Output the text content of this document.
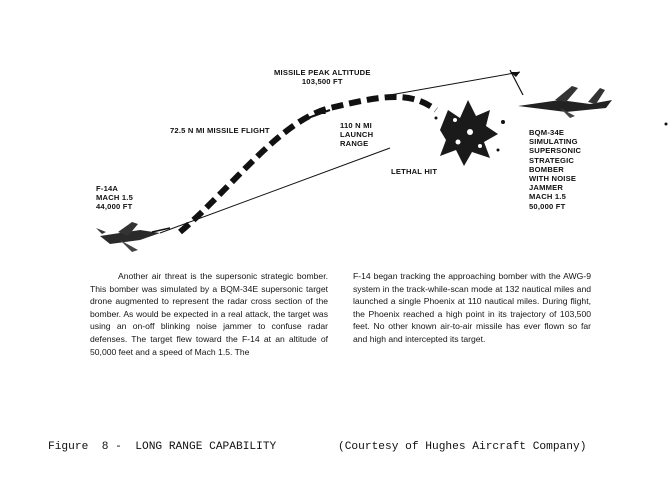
MISSILE PEAK ALTITUDE
103,500 FT
72.5 N MI MISSILE FLIGHT
110 N MI
LAUNCH
RANGE
LETHAL HIT
BQM-34E
SIMULATING
SUPERSONIC
STRATEGIC
BOMBER
WITH NOISE
JAMMER
MACH 1.5
50,000 FT
F-14A
MACH 1.5
44,000 FT
Another air threat is the supersonic strategic bomber. This bomber was simulated by a BQM-34E supersonic target drone augmented to represent the radar cross section of the bomber. As would be expected in a real attack, the target was using an on-off blinking noise jammer to confuse radar defenses. The target flew toward the F-14 at an altitude of 50,000 feet and a speed of Mach 1.5. The
F-14 began tracking the approaching bomber with the AWG-9 system in the track-while-scan mode at 132 nautical miles and launched a single Phoenix at 110 nautical miles. During flight, the Phoenix reached a high point in its trajectory of 103,500 feet. No other known air-to-air missile has ever flown so far and high and intercepted its target.
Figure  8 -  LONG RANGE CAPABILITY	(Courtesy of Hughes Aircraft Company)
